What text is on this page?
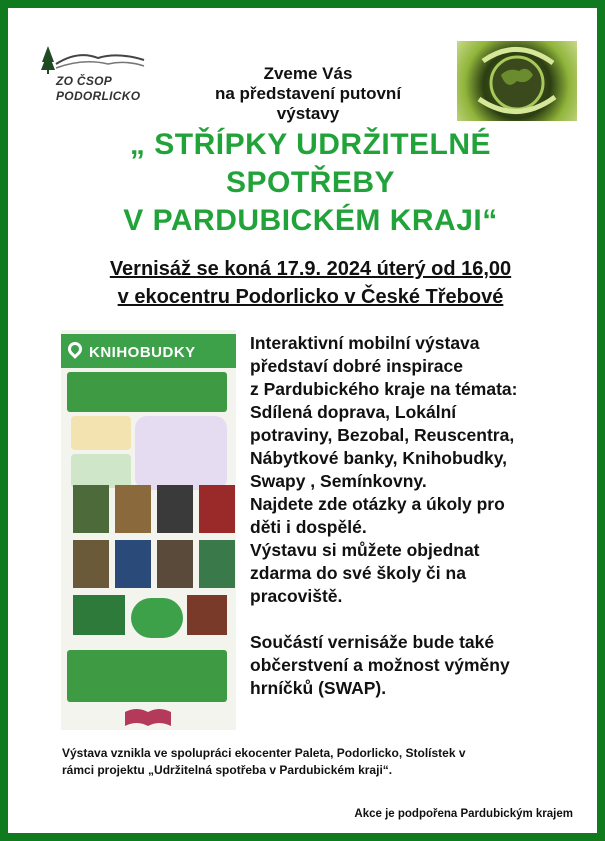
ZO ČSOP
PODORLICKO
Zveme Vás
na představení putovní
výstavy
„ STŘÍPKY UDRŽITELNÉ
SPOTŘEBY
V PARDUBICKÉM KRAJI“
Vernisáž se koná 17.9. 2024 úterý od 16,00
v ekocentru Podorlicko v České Třebové
KNIHOBUDKY	Interaktivní mobilní výstava
představí dobré inspirace
z Pardubického kraje na témata:
Sdílená doprava, Lokální
potraviny, Bezobal, Reuscentra,
Nábytkové banky, Knihobudky,
Swapy , Semínkovny.
Najdete zde otázky a úkoly pro
děti i dospělé.
Výstavu si můžete objednat
zdarma do své školy či na
pracoviště.
Součástí vernisáže bude také
občerstvení a možnost výměny
hrníčků (SWAP).
Výstava vznikla ve spolupráci ekocenter Paleta, Podorlicko, Stolístek v
rámci projektu „Udržitelná spotřeba v Pardubickém kraji“.
Akce je podpořena Pardubickým krajem
